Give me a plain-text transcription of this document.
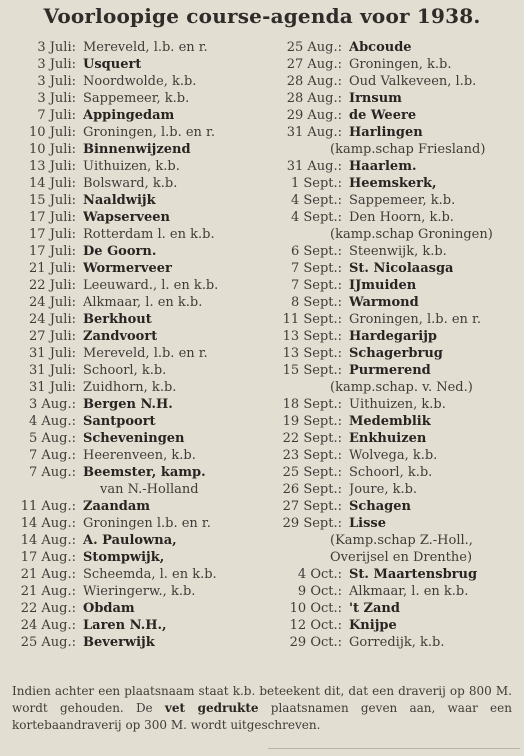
Voorloopige course-agenda voor 1938.
3 Juli: Mereveld, l.b. en r.
3 Juli: Usquert
3 Juli: Noordwolde, k.b.
3 Juli: Sappemeer, k.b.
7 Juli: Appingedam
10 Juli: Groningen, l.b. en r.
10 Juli: Binnenwijzend
13 Juli: Uithuizen, k.b.
14 Juli: Bolsward, k.b.
15 Juli: Naaldwijk
17 Juli: Wapserveen
17 Juli: Rotterdam l. en k.b.
17 Juli: De Goorn.
21 Juli: Wormerveer
22 Juli: Leeuward., l. en k.b.
24 Juli: Alkmaar, l. en k.b.
24 Juli: Berkhout
27 Juli: Zandvoort
31 Juli: Mereveld, l.b. en r.
31 Juli: Schoorl, k.b.
31 Juli: Zuidhorn, k.b.
3 Aug.: Bergen N.H.
4 Aug.: Santpoort
5 Aug.: Scheveningen
7 Aug.: Heerenveen, k.b.
7 Aug.: Beemster, kamp.
van N.-Holland
11 Aug.: Zaandam
14 Aug.: Groningen l.b. en r.
14 Aug.: A. Paulowna,
17 Aug.: Stompwijk,
21 Aug.: Scheemda, l. en k.b.
21 Aug.: Wieringerw., k.b.
22 Aug.: Obdam
24 Aug.: Laren N.H.,
25 Aug.: Beverwijk
25 Aug.: Abcoude
27 Aug.: Groningen, k.b.
28 Aug.: Oud Valkeveen, l.b.
28 Aug.: Irnsum
29 Aug.: de Weere
31 Aug.: Harlingen
(kamp.schap Friesland)
31 Aug.: Haarlem.
1 Sept.: Heemskerk,
4 Sept.: Sappemeer, k.b.
4 Sept.: Den Hoorn, k.b.
(kamp.schap Groningen)
6 Sept.: Steenwijk, k.b.
7 Sept.: St. Nicolaasga
7 Sept.: IJmuiden
8 Sept.: Warmond
11 Sept.: Groningen, l.b. en r.
13 Sept.: Hardegarijp
13 Sept.: Schagerbrug
15 Sept.: Purmerend
(kamp.schap. v. Ned.)
18 Sept.: Uithuizen, k.b.
19 Sept.: Medemblik
22 Sept.: Enkhuizen
23 Sept.: Wolvega, k.b.
25 Sept.: Schoorl, k.b.
26 Sept.: Joure, k.b.
27 Sept.: Schagen
29 Sept.: Lisse
(Kamp.schap Z.-Holl.,
Overijsel en Drenthe)
4 Oct.: St. Maartensbrug
9 Oct.: Alkmaar, l. en k.b.
10 Oct.: 't Zand
12 Oct.: Knijpe
29 Oct.: Gorredijk, k.b.
Indien achter een plaatsnaam staat k.b. beteekent dit, dat een draverij op 800 M. wordt gehouden. De vet gedrukte plaatsnamen geven aan, waar een kortebaandraverij op 300 M. wordt uitgeschreven.
